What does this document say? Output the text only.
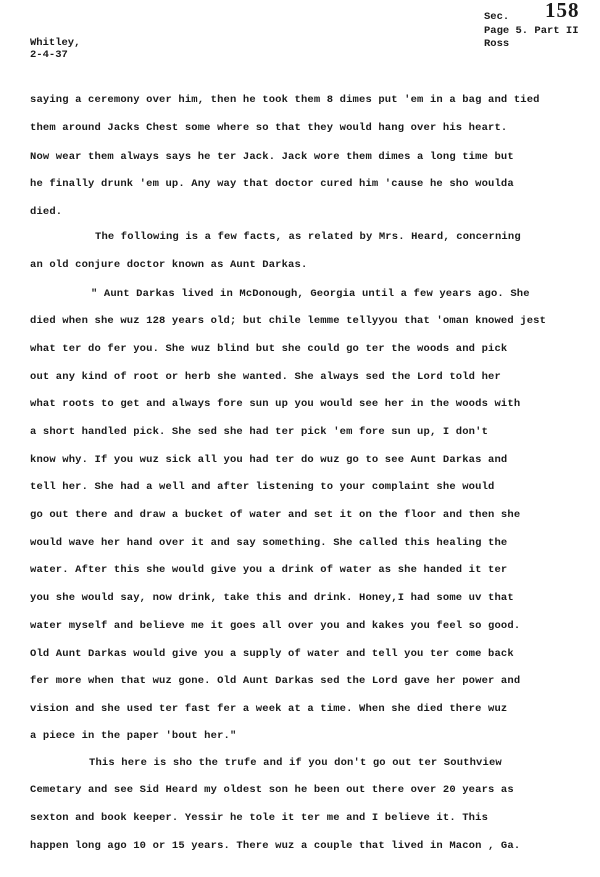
Whitley,
2-4-37
Sec. 158
Page 5. Part II
Ross
saying a ceremony over him, then he took them 8 dimes put 'em in a bag and tied
them around Jacks Chest some where so that they would hang over his heart.
Now wear them always says he ter Jack. Jack wore them dimes a long time but
he finally drunk 'em up. Any way that doctor cured him 'cause he sho woulda
died.
The following is a few facts, as related by Mrs. Heard, concerning
an old conjure doctor known as Aunt Darkas.
" Aunt Darkas lived in McDonough, Georgia until a few years ago. She
died when she wuz 128 years old; but chile lemme tellyyou that 'oman knowed jest
what ter do fer you. She wuz blind but she could go ter the woods and pick
out any kind of root or herb she wanted. She always sed the Lord told her
what roots to get and always fore sun up you would see her in the woods with
a short handled pick. She sed she had ter pick 'em fore sun up, I don't
know why. If you wuz sick all you had ter do wuz go to see Aunt Darkas and
tell her. She had a well and after listening to your complaint she would
go out there and draw a bucket of water and set it on the floor and then she
would wave her hand over it and say something. She called this healing the
water. After this she would give you a drink of water as she handed it ter
you she would say, now drink, take this and drink. Honey,I had some uv that
water myself and believe me it goes all over you and kakes you feel so good.
Old Aunt Darkas would give you a supply of water and tell you ter come back
fer more when that wuz gone. Old Aunt Darkas sed the Lord gave her power and
vision and she used ter fast fer a week at a time. When she died there wuz
a piece in the paper 'bout her."
This here is sho the trufe and if you don't go out ter Southview
Cemetary and see Sid Heard my oldest son he been out there over 20 years as
sexton and book keeper. Yessir he tole it ter me and I believe it. This
happen long ago 10 or 15 years. There wuz a couple that lived in Macon , Ga.
